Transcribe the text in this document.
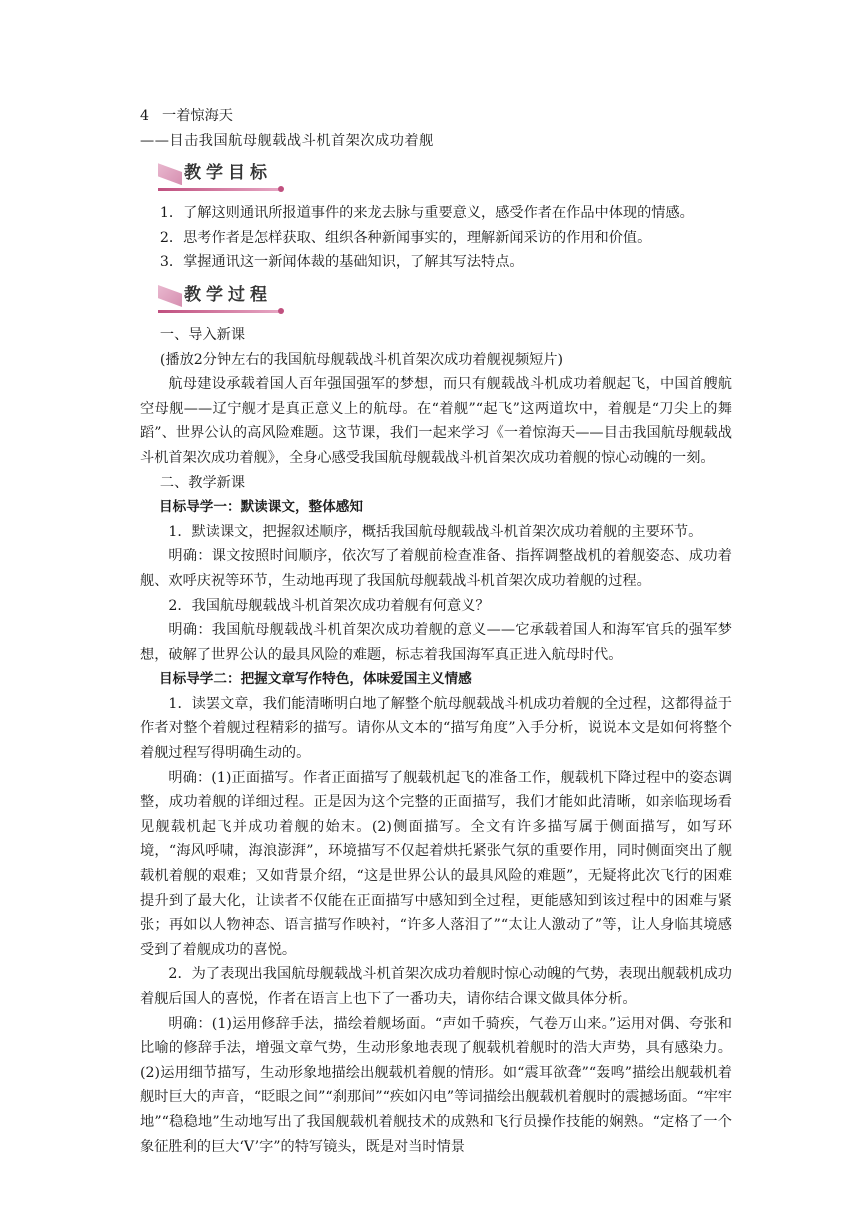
4 一着惊海天

——目击我国航母舰载战斗机首架次成功着舰

教学目标

1．了解这则通讯所报道事件的来龙去脉与重要意义，感受作者在作品中体现的情感。

2．思考作者是怎样获取、组织各种新闻事实的，理解新闻采访的作用和价值。

3．掌握通讯这一新闻体裁的基础知识，了解其写法特点。

教学过程

一、导入新课

(播放2分钟左右的我国航母舰载战斗机首架次成功着舰视频短片)

航母建设承载着国人百年强国强军的梦想，而只有舰载战斗机成功着舰起飞，中国首艘航空母舰——辽宁舰才是真正意义上的航母。在“着舰”“起飞”这两道坎中，着舰是“刀尖上的舞蹈”、世界公认的高风险难题。这节课，我们一起来学习《一着惊海天——目击我国航母舰载战斗机首架次成功着舰》，全身心感受我国航母舰载战斗机首架次成功着舰的惊心动魄的一刻。

二、教学新课

目标导学一：默读课文，整体感知

1．默读课文，把握叙述顺序，概括我国航母舰载战斗机首架次成功着舰的主要环节。

明确：课文按照时间顺序，依次写了着舰前检查准备、指挥调整战机的着舰姿态、成功着舰、欢呼庆祝等环节，生动地再现了我国航母舰载战斗机首架次成功着舰的过程。

2．我国航母舰载战斗机首架次成功着舰有何意义？

明确：我国航母舰载战斗机首架次成功着舰的意义——它承载着国人和海军官兵的强军梦想，破解了世界公认的最具风险的难题，标志着我国海军真正进入航母时代。

目标导学二：把握文章写作特色，体味爱国主义情感

1．读罢文章，我们能清晰明白地了解整个航母舰载战斗机成功着舰的全过程，这都得益于作者对整个着舰过程精彩的描写。请你从文本的“描写角度”入手分析，说说本文是如何将整个着舰过程写得明确生动的。

明确：(1)正面描写。作者正面描写了舰载机起飞的准备工作，舰载机下降过程中的姿态调整，成功着舰的详细过程。正是因为这个完整的正面描写，我们才能如此清晰，如亲临现场看见舰载机起飞并成功着舰的始末。(2)侧面描写。全文有许多描写属于侧面描写，如写环境，“海风呼啸，海浪澎湃”，环境描写不仅起着烘托紧张气氛的重要作用，同时侧面突出了舰载机着舰的艰难；又如背景介绍，“这是世界公认的最具风险的难题”，无疑将此次飞行的困难提升到了最大化，让读者不仅能在正面描写中感知到全过程，更能感知到该过程中的困难与紧张；再如以人物神态、语言描写作映衬，“许多人落泪了”“太让人激动了”等，让人身临其境感受到了着舰成功的喜悦。

2．为了表现出我国航母舰载战斗机首架次成功着舰时惊心动魄的气势，表现出舰载机成功着舰后国人的喜悦，作者在语言上也下了一番功夫，请你结合课文做具体分析。

明确：(1)运用修辞手法，描绘着舰场面。“声如千骑疾，气卷万山来。”运用对偶、夸张和比喻的修辞手法，增强文章气势，生动形象地表现了舰载机着舰时的浩大声势，具有感染力。(2)运用细节描写，生动形象地描绘出舰载机着舰的情形。如“震耳欲聋”“轰鸣”描绘出舰载机着舰时巨大的声音，“眨眼之间”“刹那间”“疾如闪电”等词描绘出舰载机着舰时的震撼场面。“牢牢地”“稳稳地”生动地写出了我国舰载机着舰技术的成熟和飞行员操作技能的娴熟。“定格了一个象征胜利的巨大‘V’字”的特写镜头，既是对当时情景
